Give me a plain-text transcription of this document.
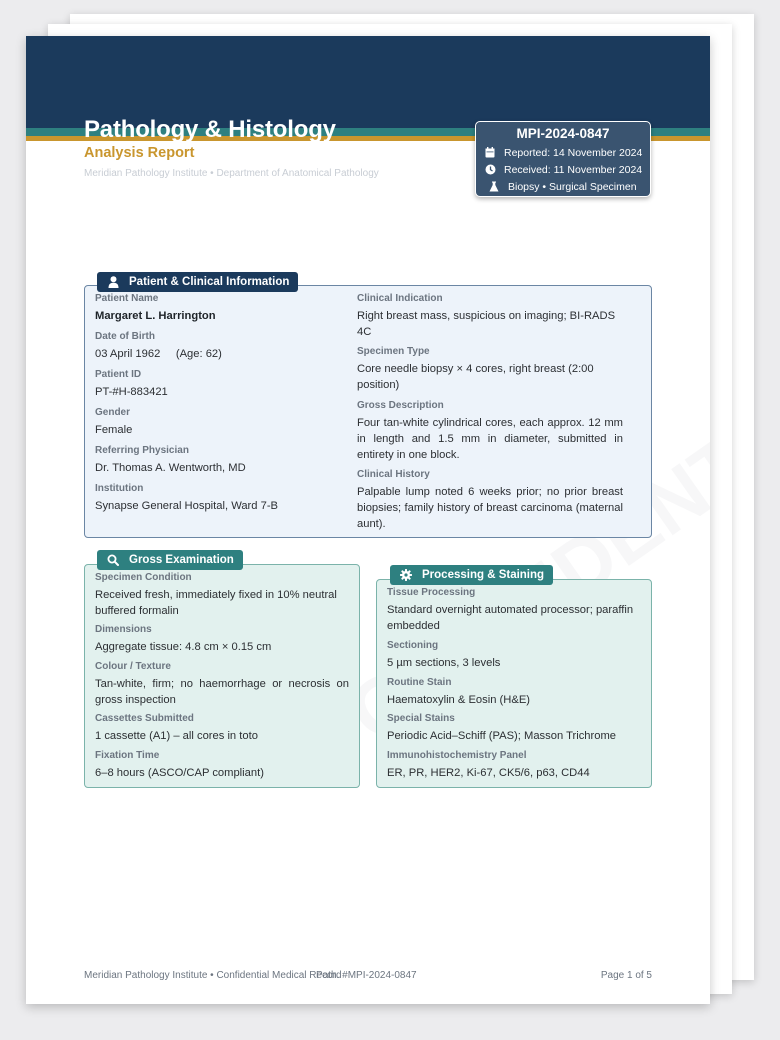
Pathology & Histology
Analysis Report
Meridian Pathology Institute • Department of Anatomical Pathology
MPI-2024-0847
Reported: 14 November 2024
Received: 11 November 2024
Biopsy • Surgical Specimen
Patient & Clinical Information
Patient Name
Margaret L. Harrington
Date of Birth
03 April 1962     (Age: 62)
Patient ID
PT-#H-883421
Gender
Female
Referring Physician
Dr. Thomas A. Wentworth, MD
Institution
Synapse General Hospital, Ward 7-B
Clinical Indication
Right breast mass, suspicious on imaging; BI-RADS 4C
Specimen Type
Core needle biopsy × 4 cores, right breast (2:00 position)
Gross Description
Four tan-white cylindrical cores, each approx. 12 mm in length and 1.5 mm in diameter, submitted in entirety in one block.
Clinical History
Palpable lump noted 6 weeks prior; no prior breast biopsies; family history of breast carcinoma (maternal aunt).
Gross Examination
Specimen Condition
Received fresh, immediately fixed in 10% neutral buffered formalin
Dimensions
Aggregate tissue: 4.8 cm × 0.15 cm
Colour / Texture
Tan-white, firm; no haemorrhage or necrosis on gross inspection
Cassettes Submitted
1 cassette (A1) – all cores in toto
Fixation Time
6–8 hours (ASCO/CAP compliant)
Processing & Staining
Tissue Processing
Standard overnight automated processor; paraffin embedded
Sectioning
5 µm sections, 3 levels
Routine Stain
Haematoxylin & Eosin (H&E)
Special Stains
Periodic Acid–Schiff (PAS); Masson Trichrome
Immunohistochemistry Panel
ER, PR, HER2, Ki-67, CK5/6, p63, CD44
Meridian Pathology Institute • Confidential Medical Record
Path. #MPI-2024-0847	Page 1 of 5
